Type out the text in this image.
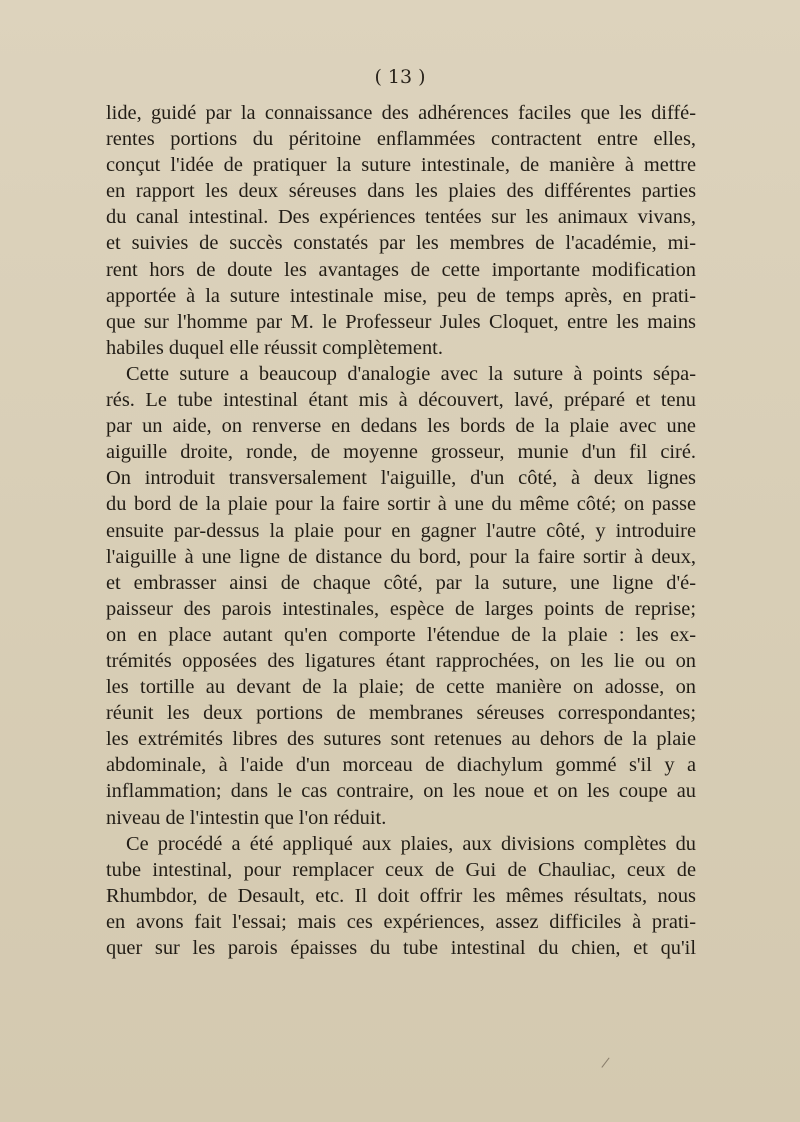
( 13 )
lide, guidé par la connaissance des adhérences faciles que les diffé-
rentes portions du péritoine enflammées contractent entre elles,
conçut l'idée de pratiquer la suture intestinale, de manière à mettre
en rapport les deux séreuses dans les plaies des différentes parties
du canal intestinal. Des expériences tentées sur les animaux vivans,
et suivies de succès constatés par les membres de l'académie, mi-
rent hors de doute les avantages de cette importante modification
apportée à la suture intestinale mise, peu de temps après, en prati-
que sur l'homme par M. le Professeur Jules Cloquet, entre les mains
habiles duquel elle réussit complètement.
Cette suture a beaucoup d'analogie avec la suture à points sépa-
rés. Le tube intestinal étant mis à découvert, lavé, préparé et tenu
par un aide, on renverse en dedans les bords de la plaie avec une
aiguille droite, ronde, de moyenne grosseur, munie d'un fil ciré.
On introduit transversalement l'aiguille, d'un côté, à deux lignes
du bord de la plaie pour la faire sortir à une du même côté; on passe
ensuite par-dessus la plaie pour en gagner l'autre côté, y introduire
l'aiguille à une ligne de distance du bord, pour la faire sortir à deux,
et embrasser ainsi de chaque côté, par la suture, une ligne d'é-
paisseur des parois intestinales, espèce de larges points de reprise;
on en place autant qu'en comporte l'étendue de la plaie : les ex-
trémités opposées des ligatures étant rapprochées, on les lie ou on
les tortille au devant de la plaie; de cette manière on adosse, on
réunit les deux portions de membranes séreuses correspondantes;
les extrémités libres des sutures sont retenues au dehors de la plaie
abdominale, à l'aide d'un morceau de diachylum gommé s'il y a
inflammation; dans le cas contraire, on les noue et on les coupe au
niveau de l'intestin que l'on réduit.
Ce procédé a été appliqué aux plaies, aux divisions complètes du
tube intestinal, pour remplacer ceux de Gui de Chauliac, ceux de
Rhumbdor, de Desault, etc. Il doit offrir les mêmes résultats, nous
en avons fait l'essai; mais ces expériences, assez difficiles à prati-
quer sur les parois épaisses du tube intestinal du chien, et qu'il
/
